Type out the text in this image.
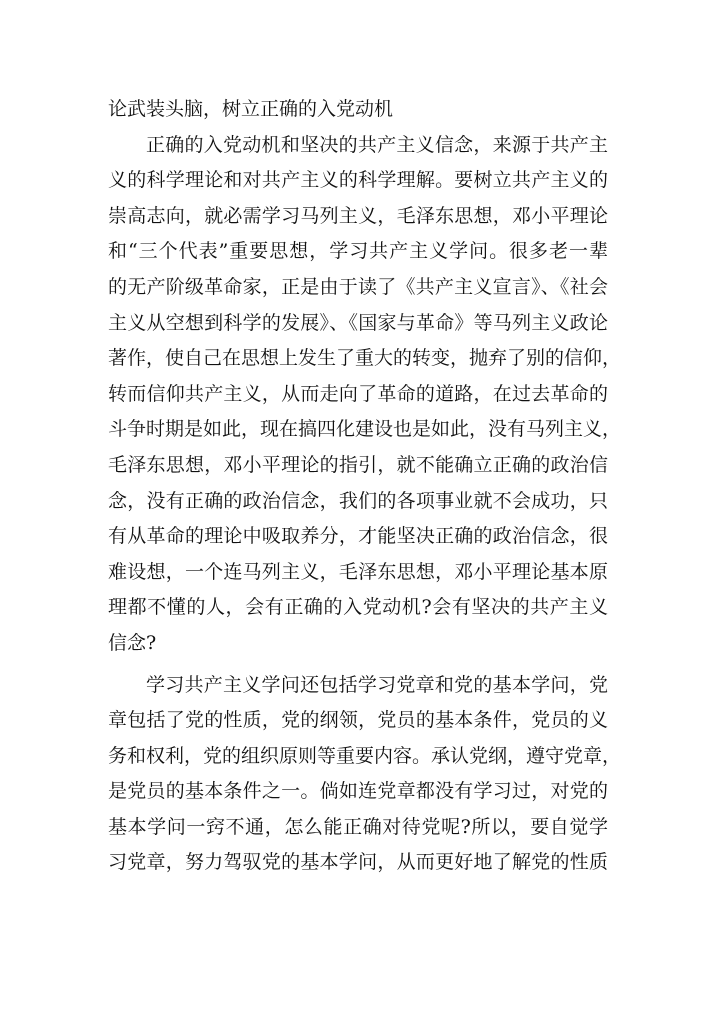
论武装头脑，树立正确的入党动机
正确的入党动机和坚决的共产主义信念，来源于共产主
义的科学理论和对共产主义的科学理解。要树立共产主义的
崇高志向，就必需学习马列主义，毛泽东思想，邓小平理论
和“三个代表”重要思想，学习共产主义学问。很多老一辈
的无产阶级革命家，正是由于读了《共产主义宣言》、《社会
主义从空想到科学的发展》、《国家与革命》等马列主义政论
著作，使自己在思想上发生了重大的转变，抛弃了别的信仰，
转而信仰共产主义，从而走向了革命的道路，在过去革命的
斗争时期是如此，现在搞四化建设也是如此，没有马列主义，
毛泽东思想，邓小平理论的指引，就不能确立正确的政治信
念，没有正确的政治信念，我们的各项事业就不会成功，只
有从革命的理论中吸取养分，才能坚决正确的政治信念，很
难设想，一个连马列主义，毛泽东思想，邓小平理论基本原
理都不懂的人，会有正确的入党动机?会有坚决的共产主义
信念?
学习共产主义学问还包括学习党章和党的基本学问，党
章包括了党的性质，党的纲领，党员的基本条件，党员的义
务和权利，党的组织原则等重要内容。承认党纲，遵守党章，
是党员的基本条件之一。倘如连党章都没有学习过，对党的
基本学问一窍不通，怎么能正确对待党呢?所以，要自觉学
习党章，努力驾驭党的基本学问，从而更好地了解党的性质
